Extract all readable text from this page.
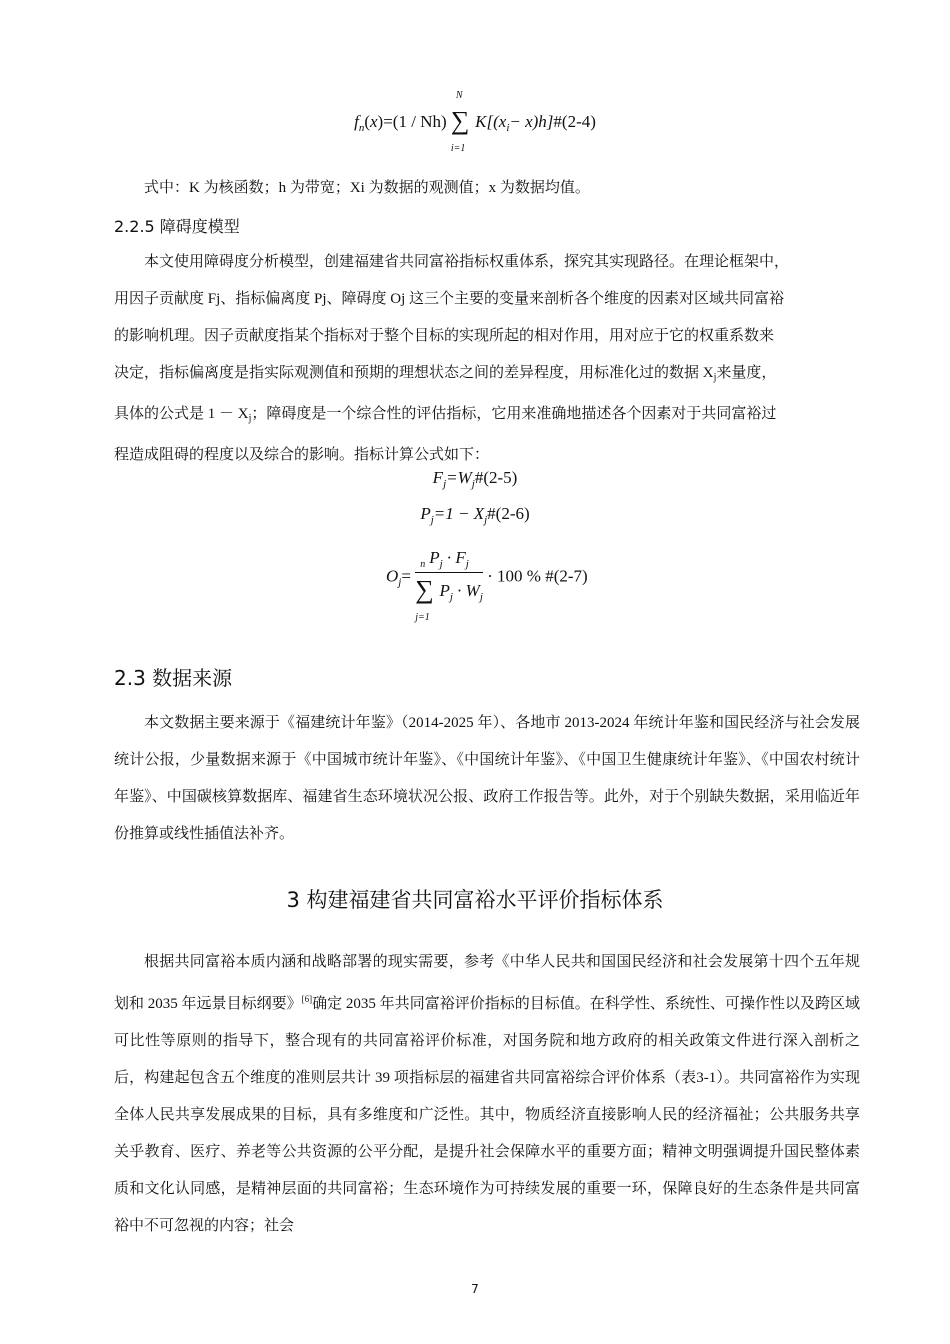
$f_n(x)=(1 / Nh)$
N
∑
i=1
$K[(x_i-$ x)h]#(2-4)
式中：K 为核函数；h 为带宽；Xi 为数据的观测值；x 为数据均值。
2.2.5 障碍度模型
本文使用障碍度分析模型，创建福建省共同富裕指标权重体系，探究其实现路径。在理论框架中，
用因子贡献度 Fj、指标偏离度 Pj、障碍度 Oj 这三个主要的变量来剖析各个维度的因素对区域共同富裕
的影响机理。因子贡献度指某个指标对于整个目标的实现所起的相对作用，用对应于它的权重系数来
决定，指标偏离度是指实际观测值和预期的理想状态之间的差异程度，用标准化过的数据 $X_j$来量度，
具体的公式是 $1 - X_j$；障碍度是一个综合性的评估指标，它用来准确地描述各个因素对于共同富裕过
程造成阻碍的程度以及综合的影响。指标计算公式如下：
$F_j=W_j\#(2-5)$
$P_j=1$ − $X_j\#(2-6)$
$O_j= P_j \cdot F_j$
n
∑
j=1
$P_j \cdot W_j \cdot 100$ % #(2-7)
2.3 数据来源
本文数据主要来源于《福建统计年鉴》（2014-2025 年）、各地市 2013-2024 年统计年鉴和国民经济与社会发展统计公报，少量数据来源于《中国城市统计年鉴》、《中国统计年鉴》、《中国卫生健康统计年鉴》、《中国农村统计年鉴》、中国碳核算数据库、福建省生态环境状况公报、政府工作报告等。此外，对于个别缺失数据，采用临近年份推算或线性插值法补齐。
3 构建福建省共同富裕水平评价指标体系
根据共同富裕本质内涵和战略部署的现实需要，参考《中华人民共和国国民经济和社会发展第十四个五年规划和 2035 年远景目标纲要》[6]确定 2035 年共同富裕评价指标的目标值。在科学性、系统性、可操作性以及跨区域可比性等原则的指导下，整合现有的共同富裕评价标准，对国务院和地方政府的相关政策文件进行深入剖析之后，构建起包含五个维度的准则层共计 39 项指标层的福建省共同富裕综合评价体系（表3-1）。共同富裕作为实现全体人民共享发展成果的目标，具有多维度和广泛性。其中，物质经济直接影响人民的经济福祉；公共服务共享关乎教育、医疗、养老等公共资源的公平分配，是提升社会保障水平的重要方面；精神文明强调提升国民整体素质和文化认同感，是精神层面的共同富裕；生态环境作为可持续发展的重要一环，保障良好的生态条件是共同富裕中不可忽视的内容；社会
7
